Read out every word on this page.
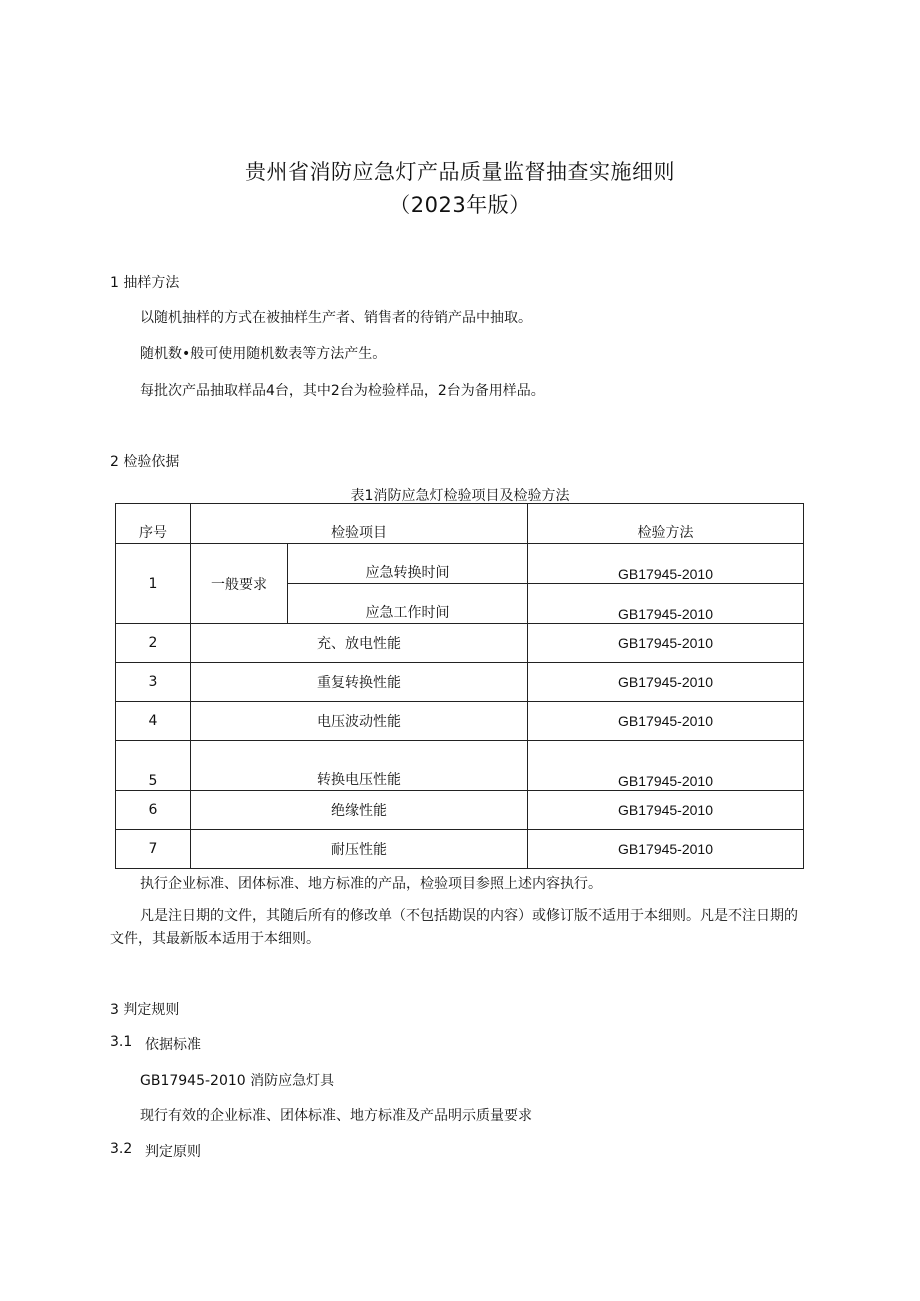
贵州省消防应急灯产品质量监督抽查实施细则
（2023年版）
1 抽样方法
以随机抽样的方式在被抽样生产者、销售者的待销产品中抽取。
随机数•般可使用随机数表等方法产生。
每批次产品抽取样品4台，其中2台为检验样品，2台为备用样品。
2 检验依据
表1消防应急灯检验项目及检验方法
序号	检验项目		检验方法
1	一般要求	应急转换时间	GB17945-2010
		应急工作时间	GB17945-2010
2	充、放电性能		GB17945-2010
3	重复转换性能		GB17945-2010
4	电压波动性能		GB17945-2010
5	转换电压性能		GB17945-2010
6	绝缘性能		GB17945-2010
7	耐压性能		GB17945-2010
执行企业标准、团体标准、地方标准的产品，检验项目参照上述内容执行。
凡是注日期的文件，其随后所有的修改单（不包括勘误的内容）或修订版不适用于本细则。凡是不注日期的文件，其最新版本适用于本细则。
3 判定规则
3.1 依据标准
GB17945-2010 消防应急灯具
现行有效的企业标准、团体标准、地方标准及产品明示质量要求
3.2 判定原则
